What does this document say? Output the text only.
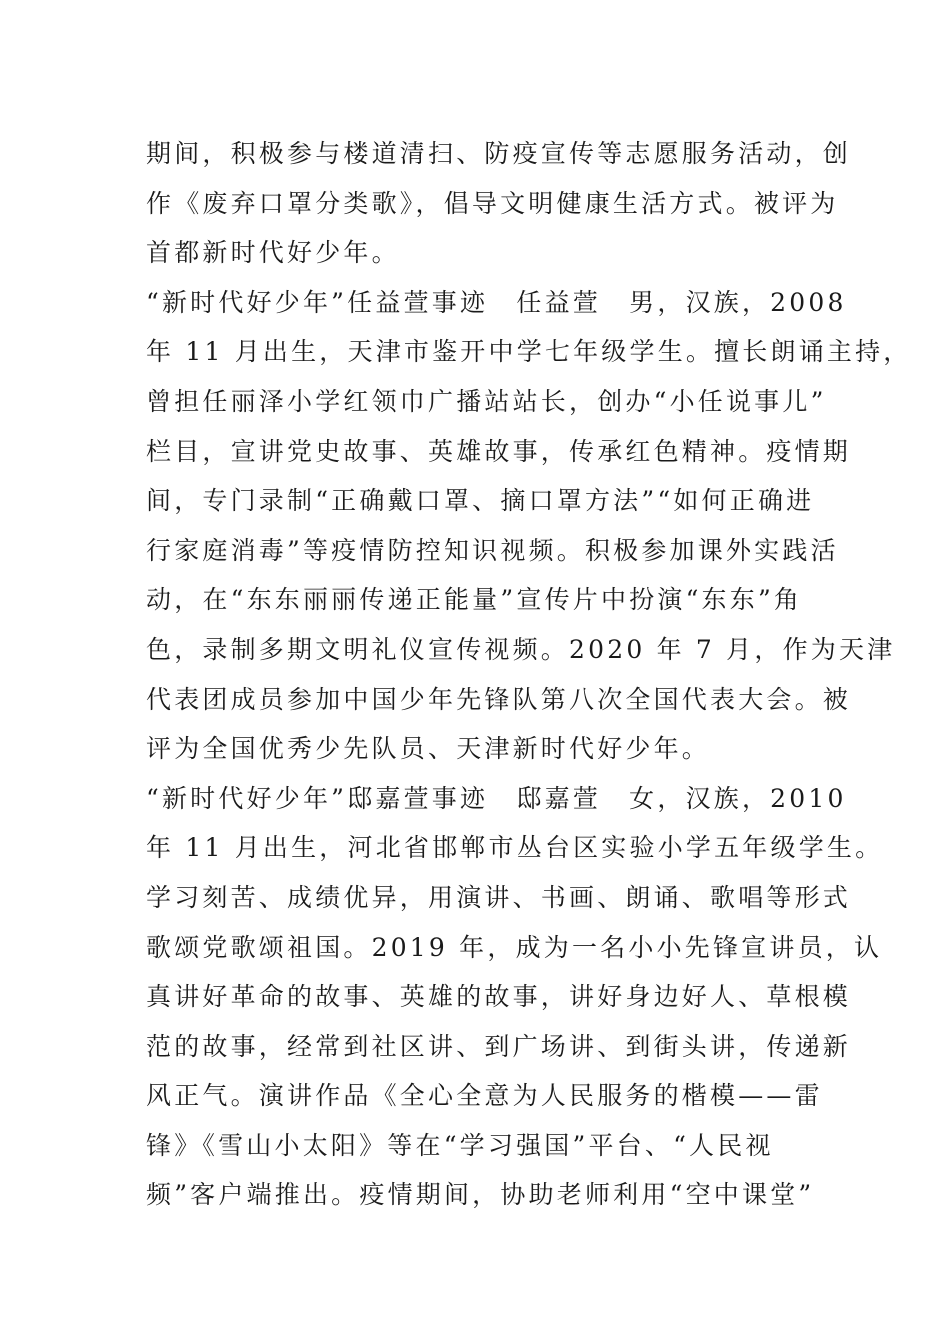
期间，积极参与楼道清扫、防疫宣传等志愿服务活动，创
作《废弃口罩分类歌》，倡导文明健康生活方式。被评为
首都新时代好少年。
“新时代好少年”任益萱事迹　任益萱　男，汉族，2008
年 11 月出生，天津市鉴开中学七年级学生。擅长朗诵主持，
曾担任丽泽小学红领巾广播站站长，创办“小任说事儿”
栏目，宣讲党史故事、英雄故事，传承红色精神。疫情期
间，专门录制“正确戴口罩、摘口罩方法”“如何正确进
行家庭消毒”等疫情防控知识视频。积极参加课外实践活
动，在“东东丽丽传递正能量”宣传片中扮演“东东”角
色，录制多期文明礼仪宣传视频。2020 年 7 月，作为天津
代表团成员参加中国少年先锋队第八次全国代表大会。被
评为全国优秀少先队员、天津新时代好少年。
“新时代好少年”邸嘉萱事迹　邸嘉萱　女，汉族，2010
年 11 月出生，河北省邯郸市丛台区实验小学五年级学生。
学习刻苦、成绩优异，用演讲、书画、朗诵、歌唱等形式
歌颂党歌颂祖国。2019 年，成为一名小小先锋宣讲员，认
真讲好革命的故事、英雄的故事，讲好身边好人、草根模
范的故事，经常到社区讲、到广场讲、到街头讲，传递新
风正气。演讲作品《全心全意为人民服务的楷模——雷
锋》《雪山小太阳》等在“学习强国”平台、“人民视
频”客户端推出。疫情期间，协助老师利用“空中课堂”
